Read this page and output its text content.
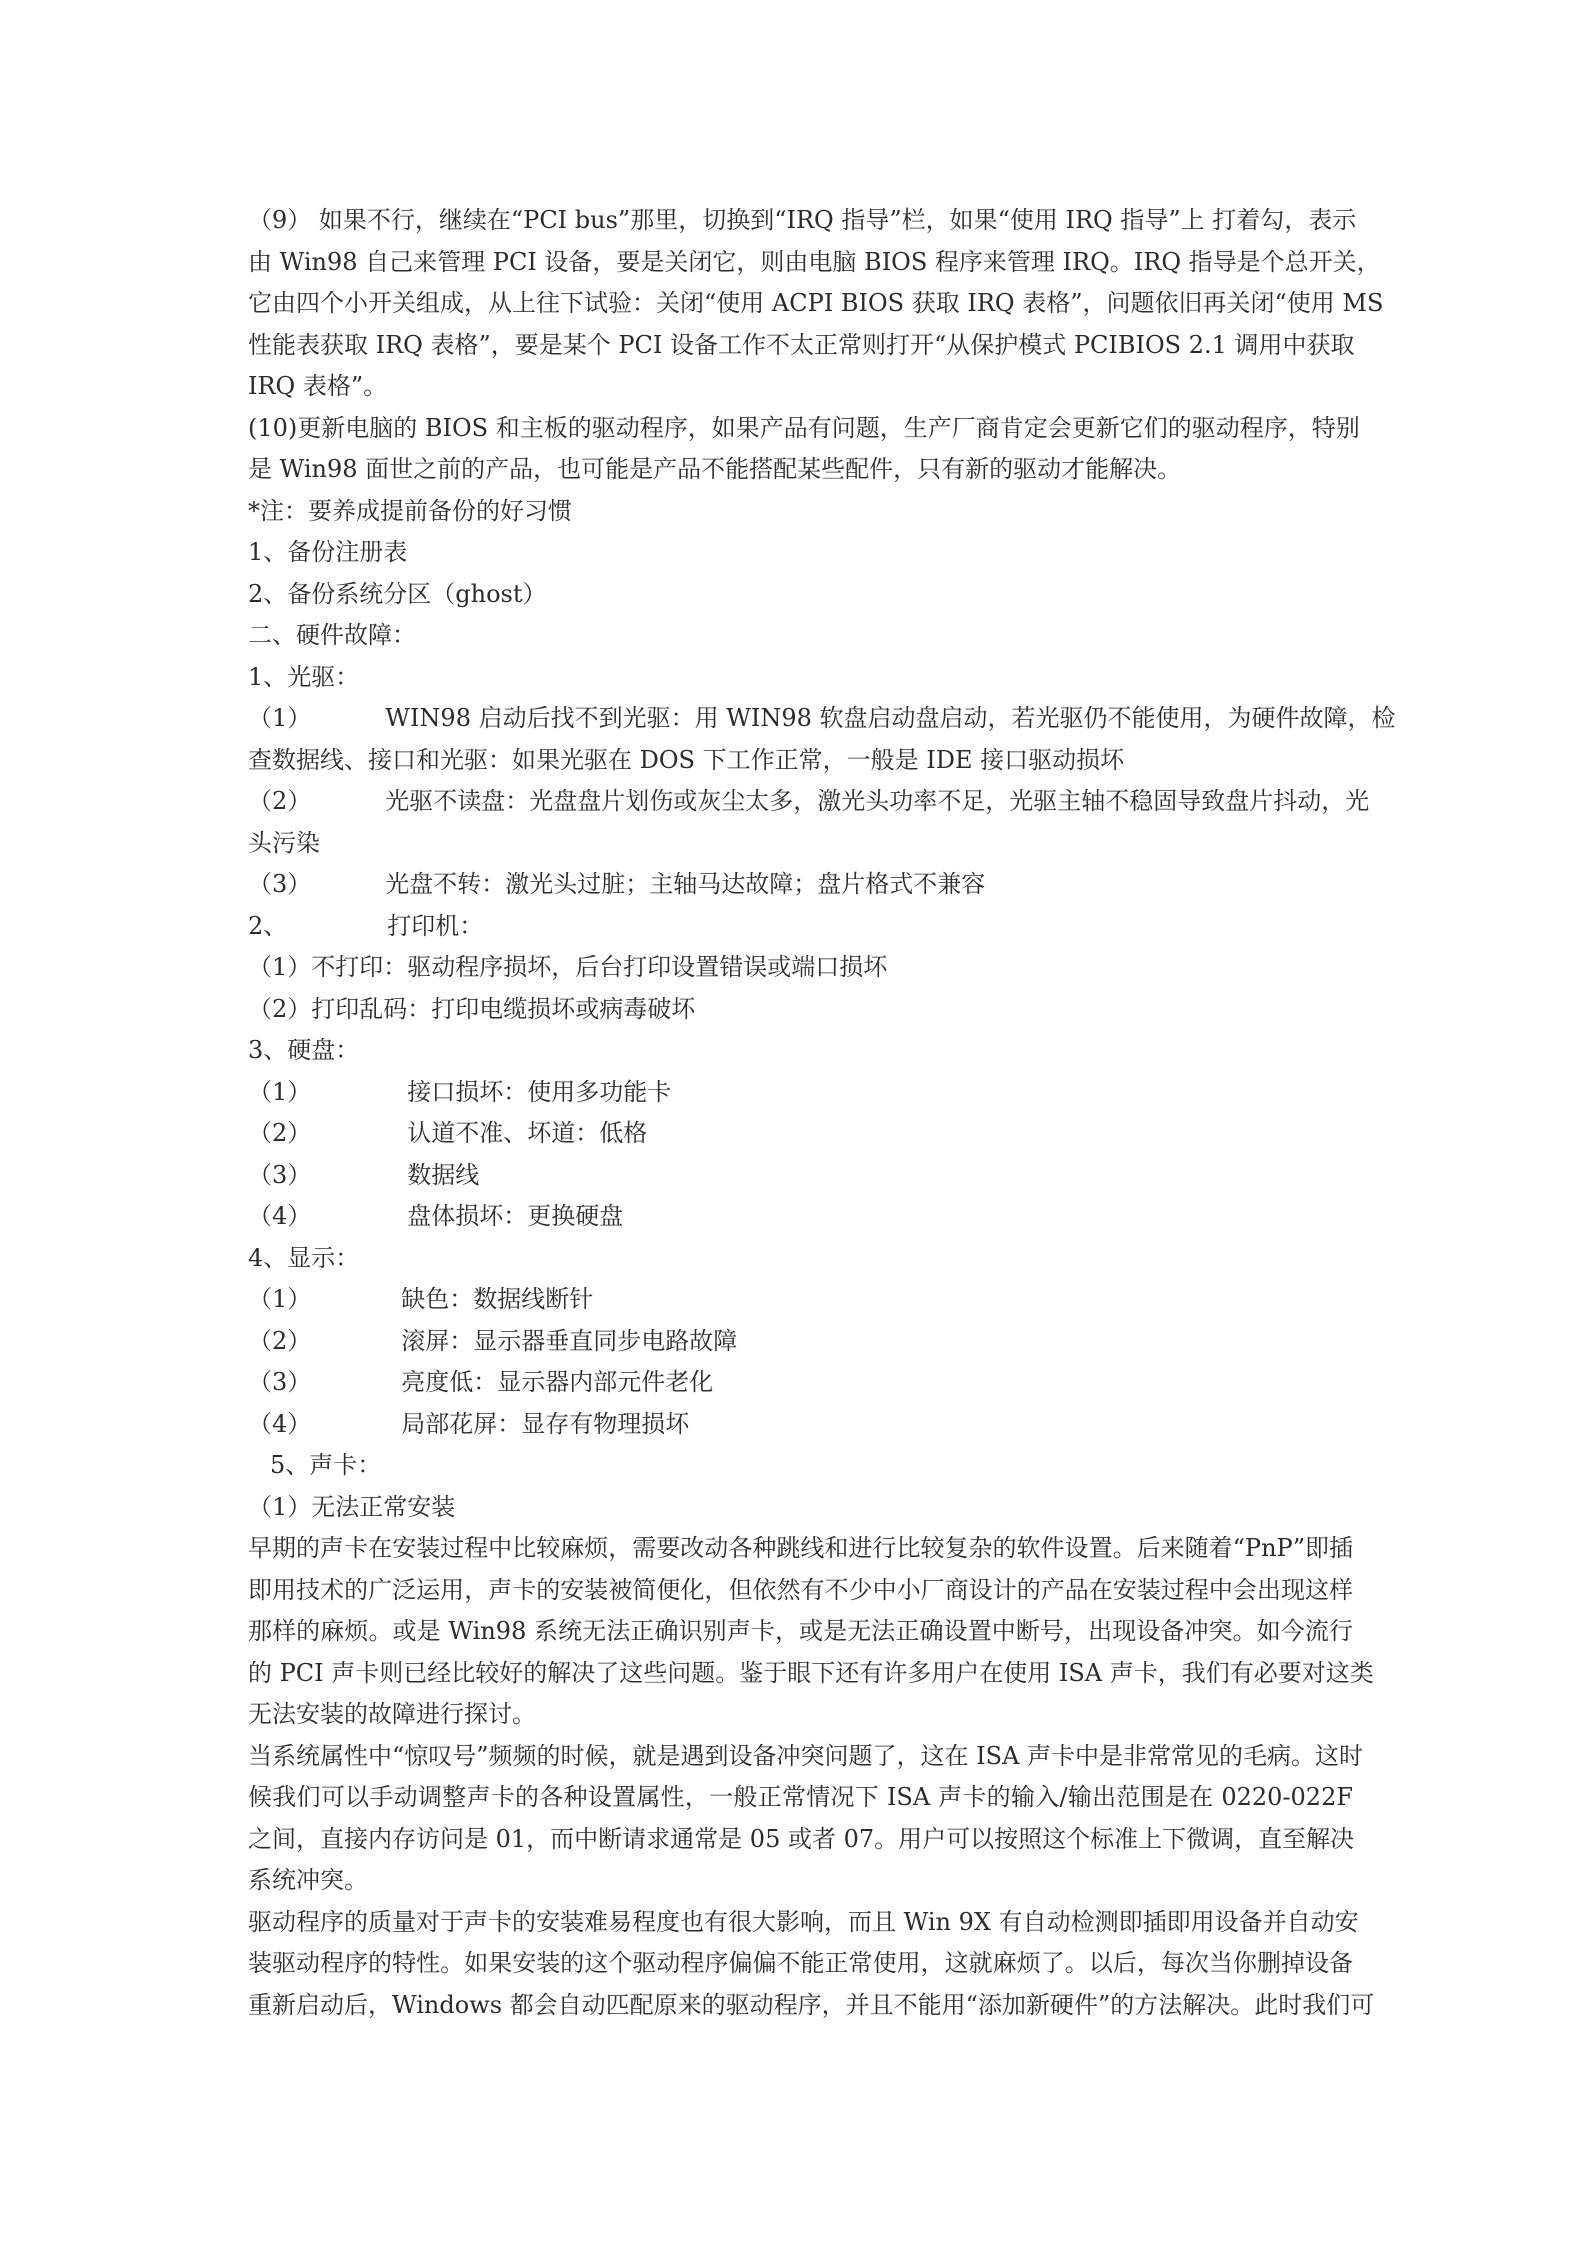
（9） 如果不行，继续在“PCI bus”那里，切换到“IRQ 指导”栏，如果“使用 IRQ 指导”上 打着勾，表示
由 Win98 自己来管理 PCI 设备，要是关闭它，则由电脑 BIOS 程序来管理 IRQ。IRQ 指导是个总开关，
它由四个小开关组成，从上往下试验：关闭“使用 ACPI BIOS 获取 IRQ 表格”，问题依旧再关闭“使用 MS
性能表获取 IRQ 表格”，要是某个 PCI 设备工作不太正常则打开“从保护模式 PCIBIOS 2.1 调用中获取
IRQ 表格”。
(10)更新电脑的 BIOS 和主板的驱动程序，如果产品有问题，生产厂商肯定会更新它们的驱动程序，特别
是 Win98 面世之前的产品，也可能是产品不能搭配某些配件，只有新的驱动才能解决。
*注：要养成提前备份的好习惯
1、备份注册表
2、备份系统分区（ghost）
二、硬件故障：
1、光驱：
（1）	WIN98 启动后找不到光驱：用 WIN98 软盘启动盘启动，若光驱仍不能使用，为硬件故障，检
查数据线、接口和光驱：如果光驱在 DOS 下工作正常，一般是 IDE 接口驱动损坏
（2）	光驱不读盘：光盘盘片划伤或灰尘太多，激光头功率不足，光驱主轴不稳固导致盘片抖动，光
头污染
（3）	光盘不转：激光头过脏；主轴马达故障；盘片格式不兼容
2、	打印机：
（1）不打印：驱动程序损坏，后台打印设置错误或端口损坏
（2）打印乱码：打印电缆损坏或病毒破坏
3、硬盘：
（1）	接口损坏：使用多功能卡
（2）	认道不准、坏道：低格
（3）	数据线
（4）	盘体损坏：更换硬盘
4、显示：
（1）	缺色：数据线断针
（2）	滚屏：显示器垂直同步电路故障
（3）	亮度低：显示器内部元件老化
（4）	局部花屏：显存有物理损坏
5、声卡：
（1）无法正常安装
早期的声卡在安装过程中比较麻烦，需要改动各种跳线和进行比较复杂的软件设置。后来随着“PnP”即插
即用技术的广泛运用，声卡的安装被简便化，但依然有不少中小厂商设计的产品在安装过程中会出现这样
那样的麻烦。或是 Win98 系统无法正确识别声卡，或是无法正确设置中断号，出现设备冲突。如今流行
的 PCI 声卡则已经比较好的解决了这些问题。鉴于眼下还有许多用户在使用 ISA 声卡，我们有必要对这类
无法安装的故障进行探讨。
当系统属性中“惊叹号”频频的时候，就是遇到设备冲突问题了，这在 ISA 声卡中是非常常见的毛病。这时
候我们可以手动调整声卡的各种设置属性，一般正常情况下 ISA 声卡的输入/输出范围是在 0220-022F
之间，直接内存访问是 01，而中断请求通常是 05 或者 07。用户可以按照这个标准上下微调，直至解决
系统冲突。
驱动程序的质量对于声卡的安装难易程度也有很大影响，而且 Win 9X 有自动检测即插即用设备并自动安
装驱动程序的特性。如果安装的这个驱动程序偏偏不能正常使用，这就麻烦了。以后，每次当你删掉设备
重新启动后，Windows 都会自动匹配原来的驱动程序，并且不能用“添加新硬件”的方法解决。此时我们可
